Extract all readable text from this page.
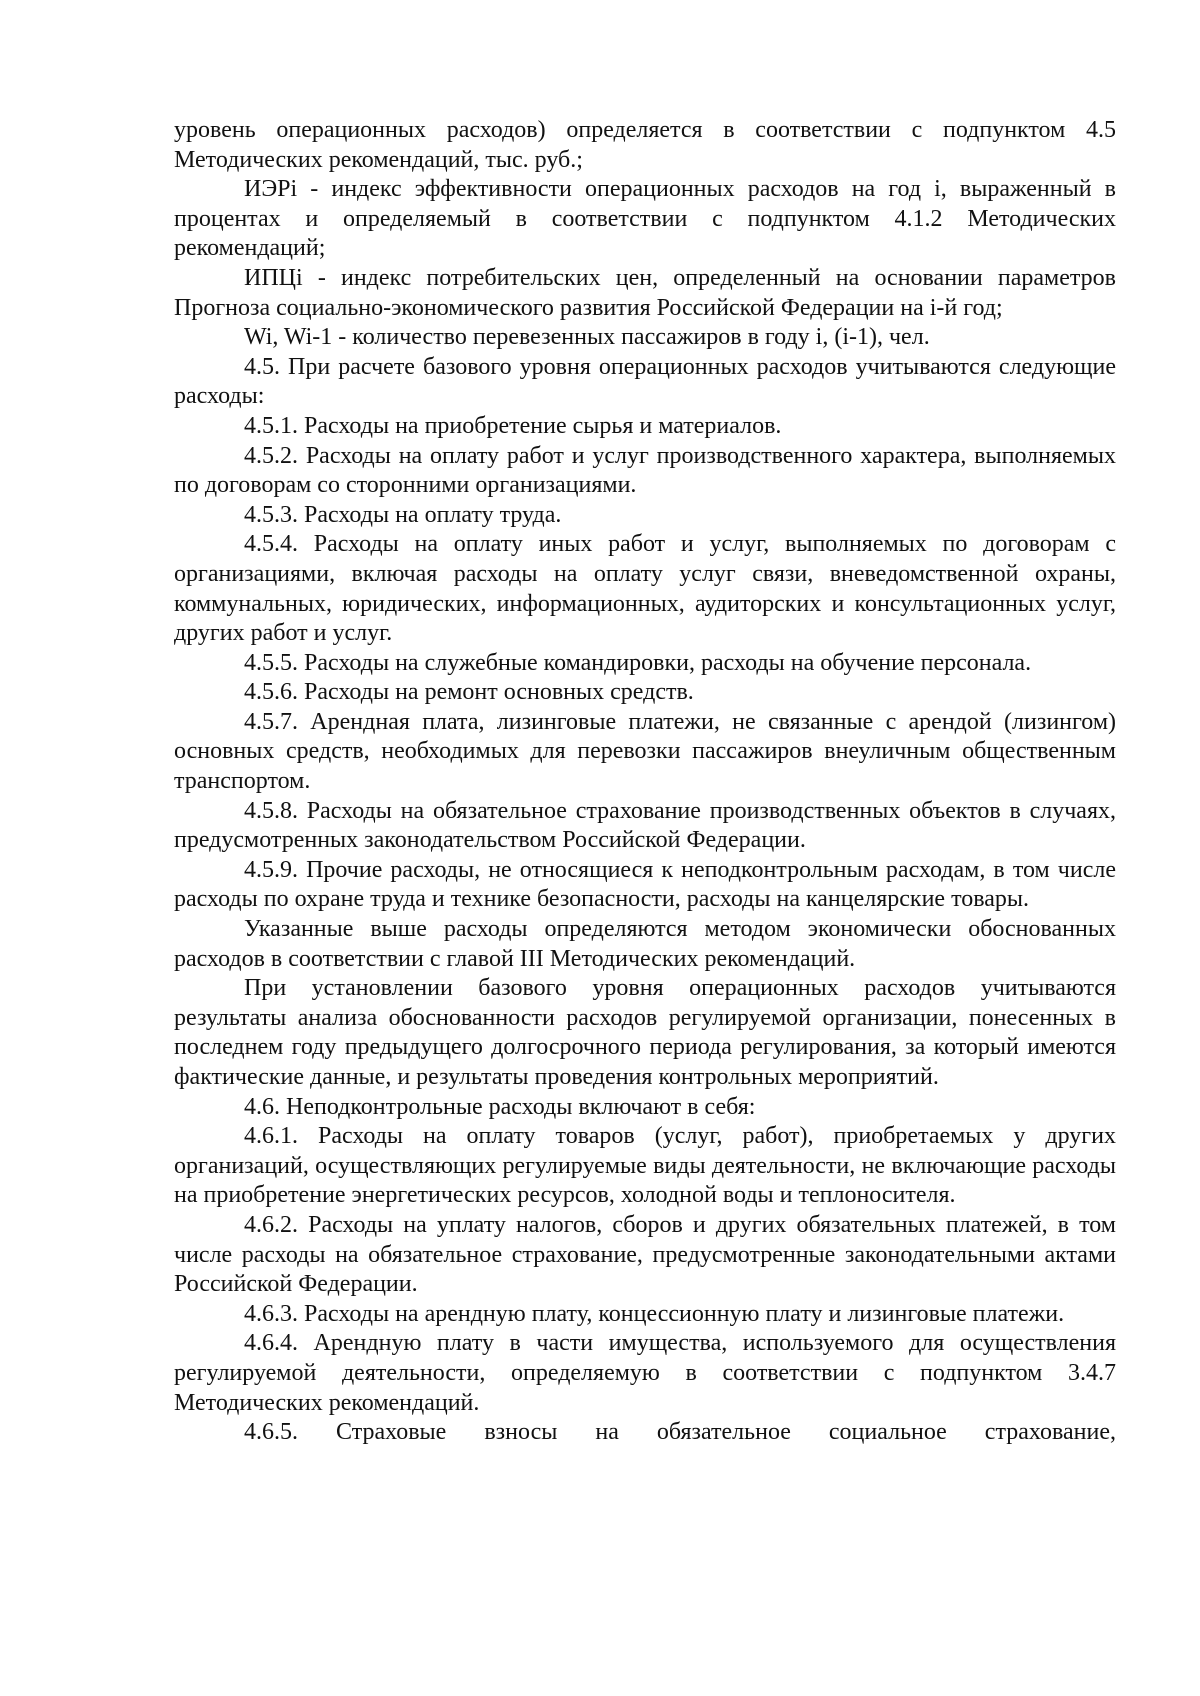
уровень операционных расходов) определяется в соответствии с подпунктом 4.5 Методических рекомендаций, тыс. руб.;

ИЭРi - индекс эффективности операционных расходов на год i, выраженный в процентах и определяемый в соответствии с подпунктом 4.1.2 Методических рекомендаций;

ИПЦi - индекс потребительских цен, определенный на основании параметров Прогноза социально-экономического развития Российской Федерации на i-й год;

Wi, Wi-1 - количество перевезенных пассажиров в году i, (i-1), чел.

4.5. При расчете базового уровня операционных расходов учитываются следующие расходы:

4.5.1. Расходы на приобретение сырья и материалов.

4.5.2. Расходы на оплату работ и услуг производственного характера, выполняемых по договорам со сторонними организациями.

4.5.3. Расходы на оплату труда.

4.5.4. Расходы на оплату иных работ и услуг, выполняемых по договорам с организациями, включая расходы на оплату услуг связи, вневедомственной охраны, коммунальных, юридических, информационных, аудиторских и консультационных услуг, других работ и услуг.

4.5.5. Расходы на служебные командировки, расходы на обучение персонала.

4.5.6. Расходы на ремонт основных средств.

4.5.7. Арендная плата, лизинговые платежи, не связанные с арендой (лизингом) основных средств, необходимых для перевозки пассажиров внеуличным общественным транспортом.

4.5.8. Расходы на обязательное страхование производственных объектов в случаях, предусмотренных законодательством Российской Федерации.

4.5.9. Прочие расходы, не относящиеся к неподконтрольным расходам, в том числе расходы по охране труда и технике безопасности, расходы на канцелярские товары.

Указанные выше расходы определяются методом экономически обоснованных расходов в соответствии с главой III Методических рекомендаций.

При установлении базового уровня операционных расходов учитываются результаты анализа обоснованности расходов регулируемой организации, понесенных в последнем году предыдущего долгосрочного периода регулирования, за который имеются фактические данные, и результаты проведения контрольных мероприятий.

4.6. Неподконтрольные расходы включают в себя:

4.6.1. Расходы на оплату товаров (услуг, работ), приобретаемых у других организаций, осуществляющих регулируемые виды деятельности, не включающие расходы на приобретение энергетических ресурсов, холодной воды и теплоносителя.

4.6.2. Расходы на уплату налогов, сборов и других обязательных платежей, в том числе расходы на обязательное страхование, предусмотренные законодательными актами Российской Федерации.

4.6.3. Расходы на арендную плату, концессионную плату и лизинговые платежи.

4.6.4. Арендную плату в части имущества, используемого для осуществления регулируемой деятельности, определяемую в соответствии с подпунктом 3.4.7 Методических рекомендаций.

4.6.5. Страховые взносы на обязательное социальное страхование,
